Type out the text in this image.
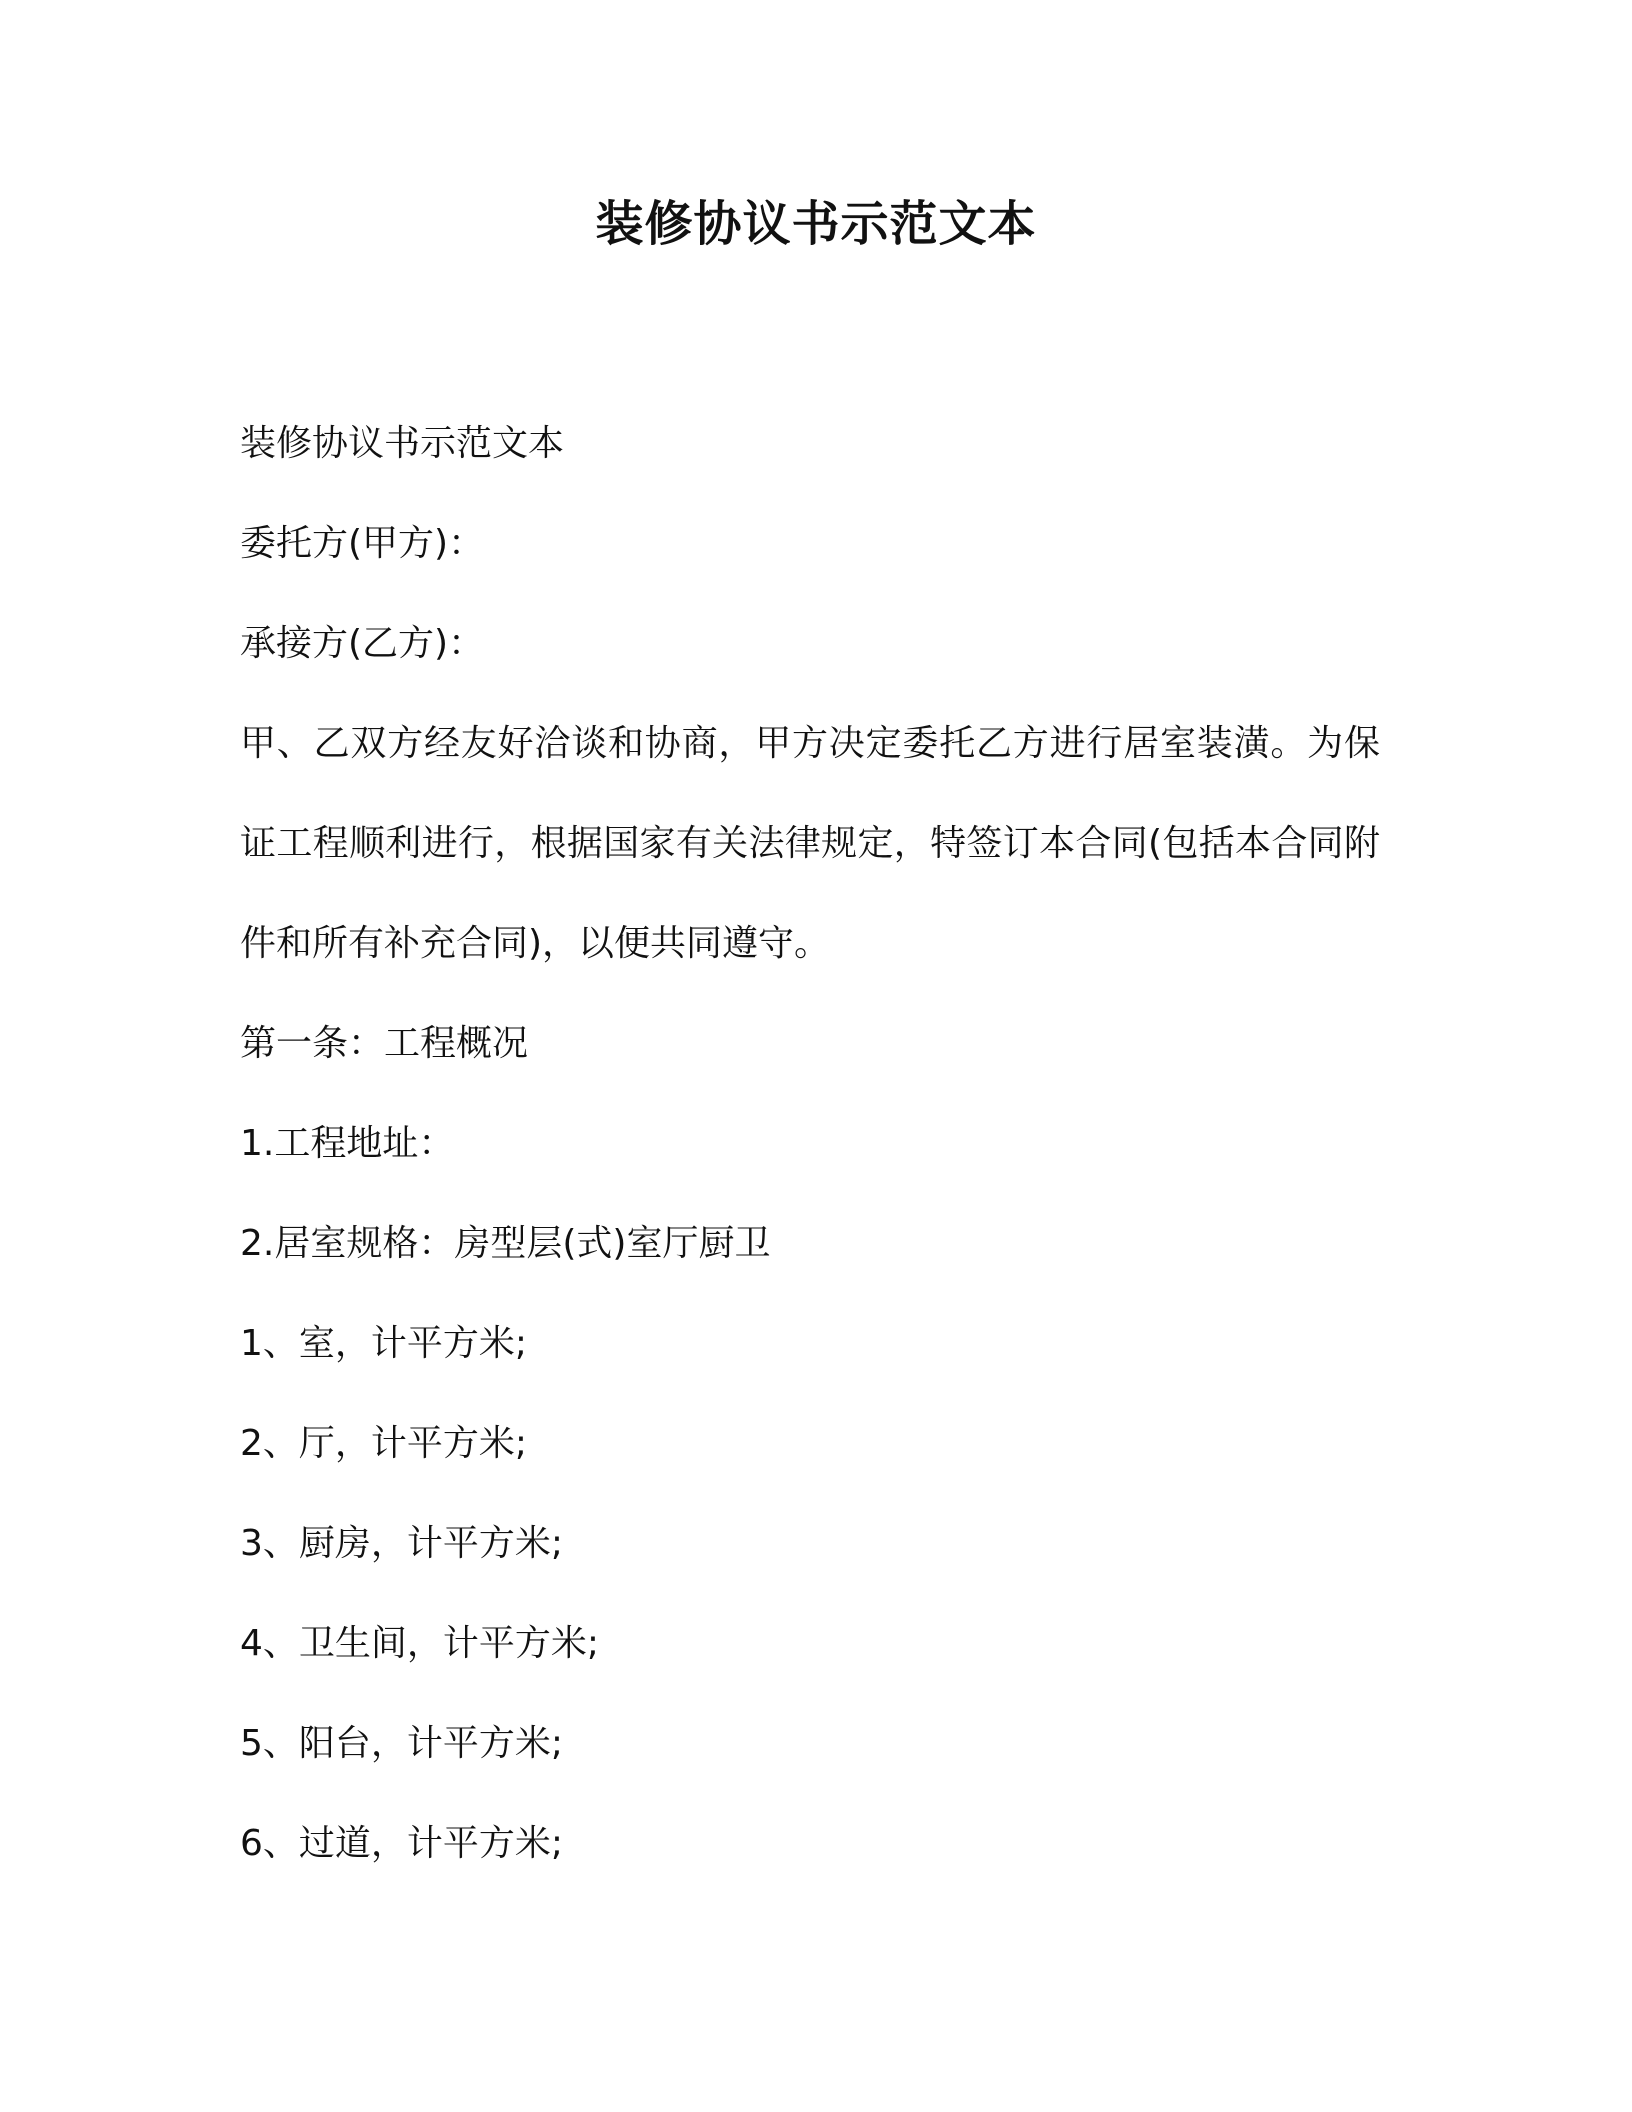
装修协议书示范文本
装修协议书示范文本
委托方(甲方)：
承接方(乙方)：
甲、乙双方经友好洽谈和协商，甲方决定委托乙方进行居室装潢。为保证工程顺利进行，根据国家有关法律规定，特签订本合同(包括本合同附件和所有补充合同)，以便共同遵守。
第一条：工程概况
1.工程地址：
2.居室规格：房型层(式)室厅厨卫
1、室，计平方米;
2、厅，计平方米;
3、厨房，计平方米;
4、卫生间，计平方米;
5、阳台，计平方米;
6、过道，计平方米;
